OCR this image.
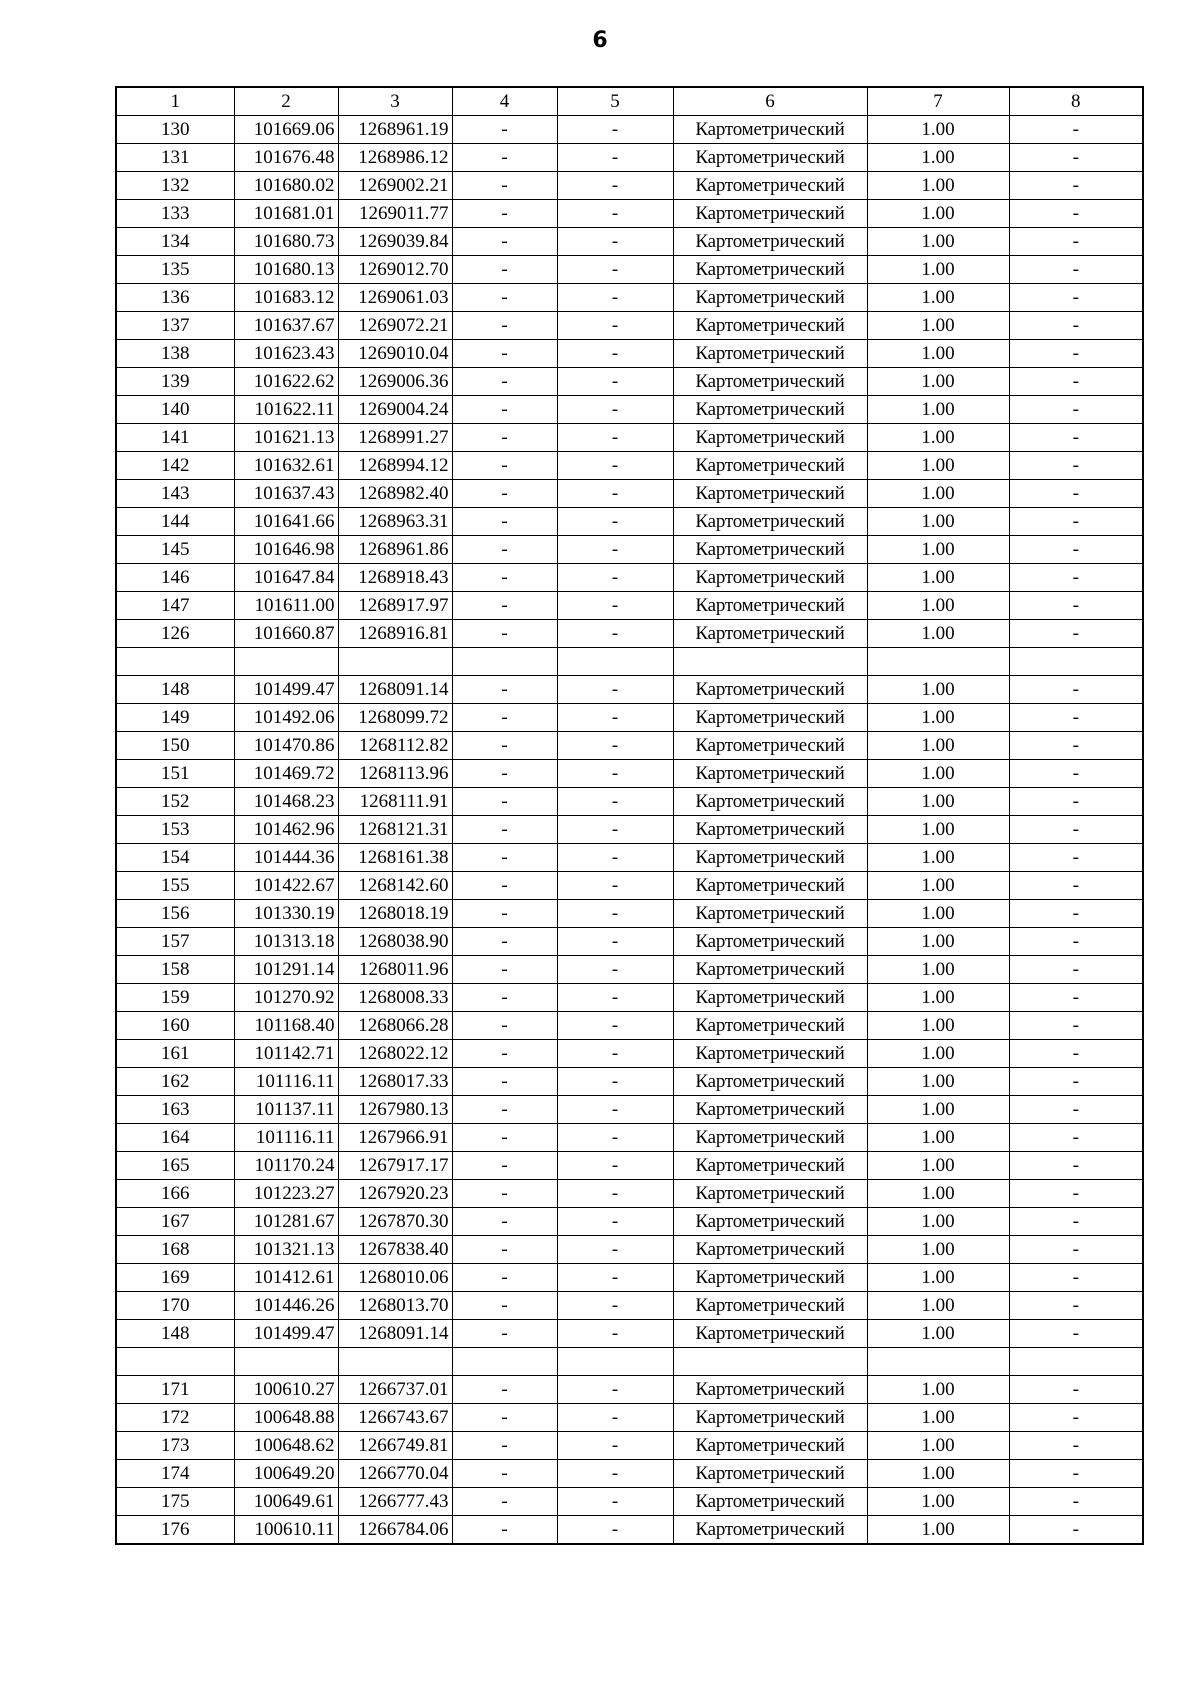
6
1	2	3	4	5	6	7	8
130	101669.06	1268961.19	-	-	Картометрический	1.00	-
131	101676.48	1268986.12	-	-	Картометрический	1.00	-
132	101680.02	1269002.21	-	-	Картометрический	1.00	-
133	101681.01	1269011.77	-	-	Картометрический	1.00	-
134	101680.73	1269039.84	-	-	Картометрический	1.00	-
135	101680.13	1269012.70	-	-	Картометрический	1.00	-
136	101683.12	1269061.03	-	-	Картометрический	1.00	-
137	101637.67	1269072.21	-	-	Картометрический	1.00	-
138	101623.43	1269010.04	-	-	Картометрический	1.00	-
139	101622.62	1269006.36	-	-	Картометрический	1.00	-
140	101622.11	1269004.24	-	-	Картометрический	1.00	-
141	101621.13	1268991.27	-	-	Картометрический	1.00	-
142	101632.61	1268994.12	-	-	Картометрический	1.00	-
143	101637.43	1268982.40	-	-	Картометрический	1.00	-
144	101641.66	1268963.31	-	-	Картометрический	1.00	-
145	101646.98	1268961.86	-	-	Картометрический	1.00	-
146	101647.84	1268918.43	-	-	Картометрический	1.00	-
147	101611.00	1268917.97	-	-	Картометрический	1.00	-
126	101660.87	1268916.81	-	-	Картометрический	1.00	-

148	101499.47	1268091.14	-	-	Картометрический	1.00	-
149	101492.06	1268099.72	-	-	Картометрический	1.00	-
150	101470.86	1268112.82	-	-	Картометрический	1.00	-
151	101469.72	1268113.96	-	-	Картометрический	1.00	-
152	101468.23	1268111.91	-	-	Картометрический	1.00	-
153	101462.96	1268121.31	-	-	Картометрический	1.00	-
154	101444.36	1268161.38	-	-	Картометрический	1.00	-
155	101422.67	1268142.60	-	-	Картометрический	1.00	-
156	101330.19	1268018.19	-	-	Картометрический	1.00	-
157	101313.18	1268038.90	-	-	Картометрический	1.00	-
158	101291.14	1268011.96	-	-	Картометрический	1.00	-
159	101270.92	1268008.33	-	-	Картометрический	1.00	-
160	101168.40	1268066.28	-	-	Картометрический	1.00	-
161	101142.71	1268022.12	-	-	Картометрический	1.00	-
162	101116.11	1268017.33	-	-	Картометрический	1.00	-
163	101137.11	1267980.13	-	-	Картометрический	1.00	-
164	101116.11	1267966.91	-	-	Картометрический	1.00	-
165	101170.24	1267917.17	-	-	Картометрический	1.00	-
166	101223.27	1267920.23	-	-	Картометрический	1.00	-
167	101281.67	1267870.30	-	-	Картометрический	1.00	-
168	101321.13	1267838.40	-	-	Картометрический	1.00	-
169	101412.61	1268010.06	-	-	Картометрический	1.00	-
170	101446.26	1268013.70	-	-	Картометрический	1.00	-
148	101499.47	1268091.14	-	-	Картометрический	1.00	-

171	100610.27	1266737.01	-	-	Картометрический	1.00	-
172	100648.88	1266743.67	-	-	Картометрический	1.00	-
173	100648.62	1266749.81	-	-	Картометрический	1.00	-
174	100649.20	1266770.04	-	-	Картометрический	1.00	-
175	100649.61	1266777.43	-	-	Картометрический	1.00	-
176	100610.11	1266784.06	-	-	Картометрический	1.00	-
